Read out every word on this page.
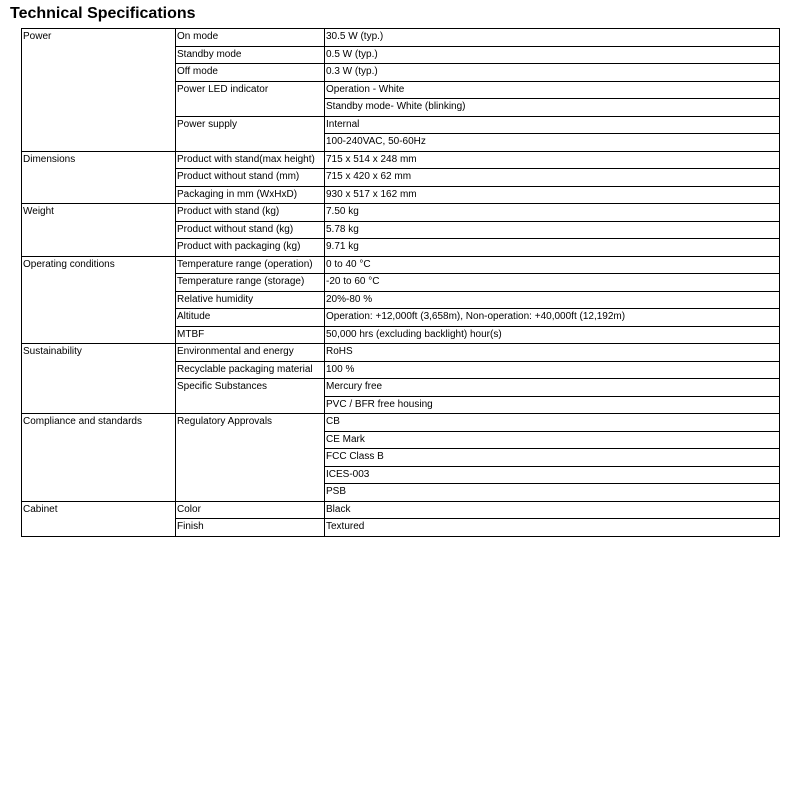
Technical Specifications
Power	On mode	30.5 W (typ.)
	Standby mode	0.5 W (typ.)
	Off mode	0.3 W (typ.)
	Power LED indicator	Operation - White
		Standby mode- White (blinking)
	Power supply	Internal
		100-240VAC, 50-60Hz
Dimensions	Product with stand(max height)	715 x 514 x 248 mm
	Product without stand (mm)	715 x 420 x 62 mm
	Packaging in mm (WxHxD)	930 x 517 x 162 mm
Weight	Product with stand (kg)	7.50 kg
	Product without stand (kg)	5.78 kg
	Product with packaging (kg)	9.71 kg
Operating conditions	Temperature range (operation)	0 to 40 °C
	Temperature range (storage)	-20 to 60 °C
	Relative humidity	20%-80 %
	Altitude	Operation: +12,000ft (3,658m), Non-operation: +40,000ft (12,192m)
	MTBF	50,000 hrs (excluding backlight) hour(s)
Sustainability	Environmental and energy	RoHS
	Recyclable packaging material	100 %
	Specific Substances	Mercury free
		PVC / BFR free housing
Compliance and standards	Regulatory Approvals	CB
		CE Mark
		FCC Class B
		ICES-003
		PSB
Cabinet	Color	Black
	Finish	Textured
